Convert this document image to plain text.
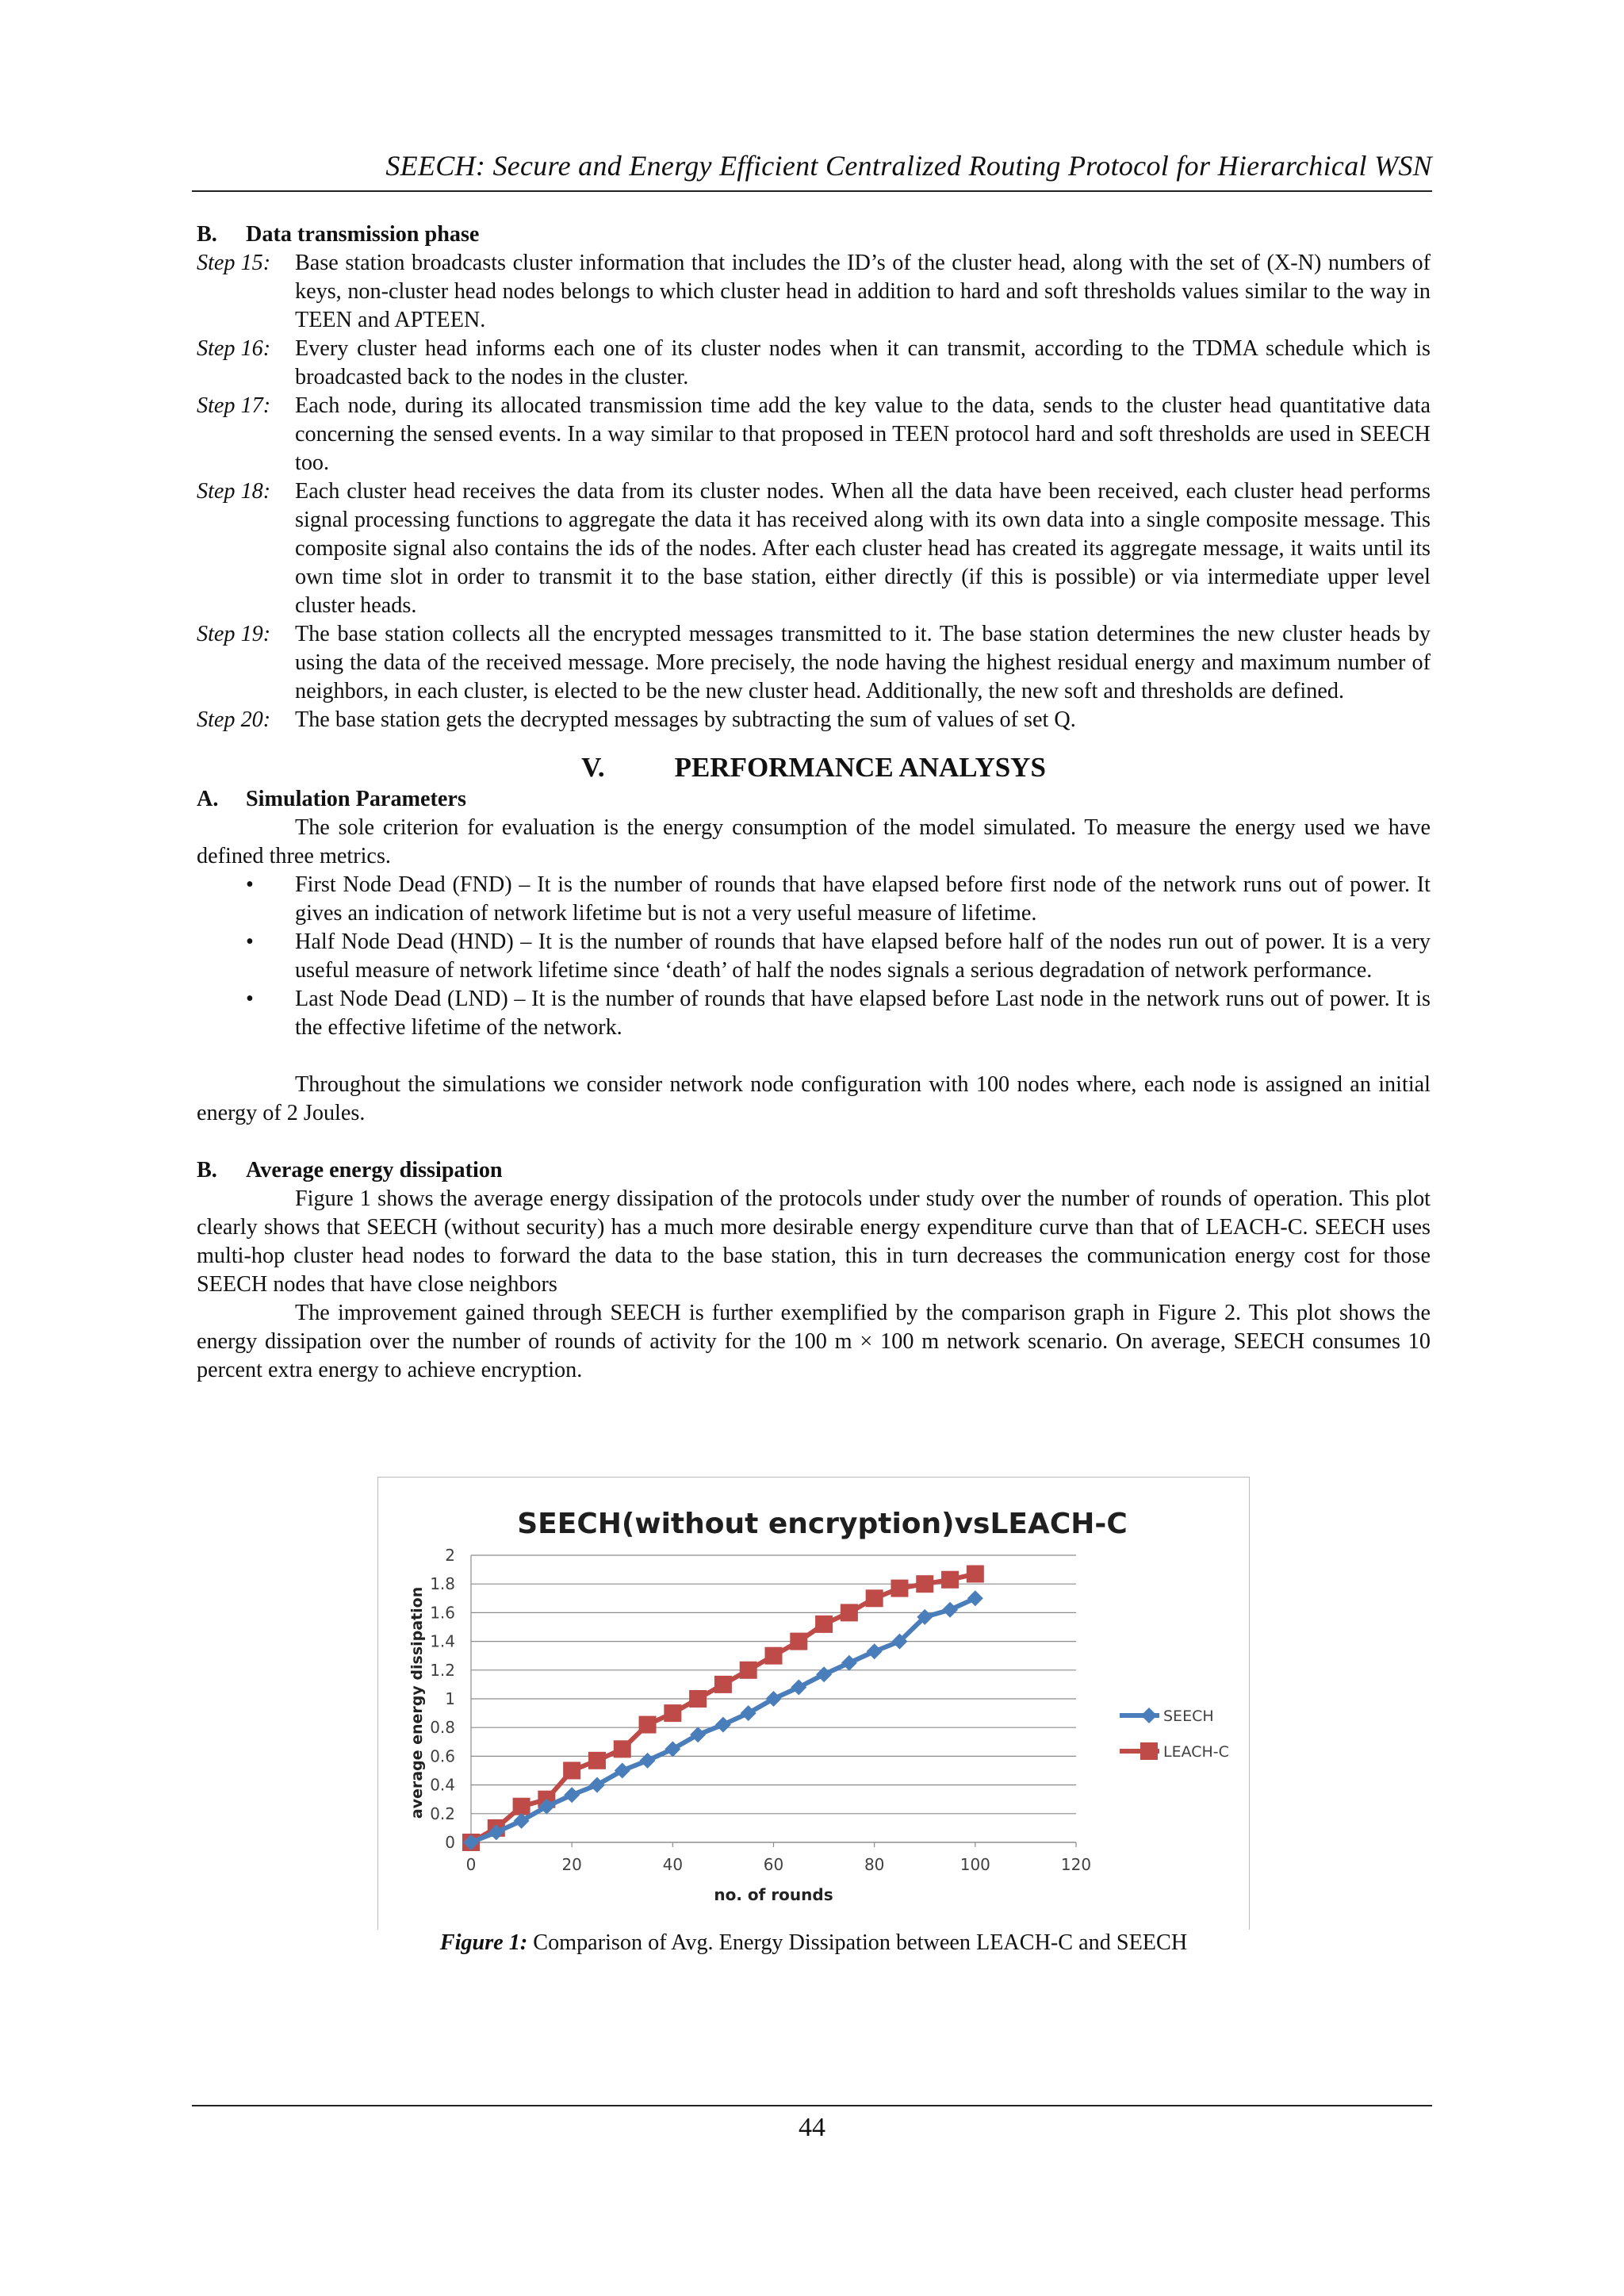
SEECH: Secure and Energy Efficient Centralized Routing Protocol for Hierarchical WSN
B. Data transmission phase
Step 15:	Base station broadcasts cluster information that includes the ID’s of the cluster head, along with the set of (X-N) numbers of keys, non-cluster head nodes belongs to which cluster head in addition to hard and soft thresholds values similar to the way in TEEN and APTEEN.
Step 16:	Every cluster head informs each one of its cluster nodes when it can transmit, according to the TDMA schedule which is broadcasted back to the nodes in the cluster.
Step 17:	Each node, during its allocated transmission time add the key value to the data, sends to the cluster head quantitative data concerning the sensed events. In a way similar to that proposed in TEEN protocol hard and soft thresholds are used in SEECH too.
Step 18:	Each cluster head receives the data from its cluster nodes. When all the data have been received, each cluster head performs signal processing functions to aggregate the data it has received along with its own data into a single composite message. This composite signal also contains the ids of the nodes. After each cluster head has created its aggregate message, it waits until its own time slot in order to transmit it to the base station, either directly (if this is possible) or via intermediate upper level cluster heads.
Step 19:	The base station collects all the encrypted messages transmitted to it. The base station determines the new cluster heads by using the data of the received message. More precisely, the node having the highest residual energy and maximum number of neighbors, in each cluster, is elected to be the new cluster head. Additionally, the new soft and thresholds are defined.
Step 20:	The base station gets the decrypted messages by subtracting the sum of values of set Q.
V.	PERFORMANCE ANALYSYS
A. Simulation Parameters

The sole criterion for evaluation is the energy consumption of the model simulated. To measure the energy used we have defined three metrics.

•	First Node Dead (FND) – It is the number of rounds that have elapsed before first node of the network runs out of power. It gives an indication of network lifetime but is not a very useful measure of lifetime.
•	Half Node Dead (HND) – It is the number of rounds that have elapsed before half of the nodes run out of power. It is a very useful measure of network lifetime since ‘death’ of half the nodes signals a serious degradation of network performance.
•	Last Node Dead (LND) – It is the number of rounds that have elapsed before Last node in the network runs out of power. It is the effective lifetime of the network.

Throughout the simulations we consider network node configuration with 100 nodes where, each node is assigned an initial energy of 2 Joules.

B. Average energy dissipation

Figure 1 shows the average energy dissipation of the protocols under study over the number of rounds of operation. This plot clearly shows that SEECH (without security) has a much more desirable energy expenditure curve than that of LEACH-C. SEECH uses multi-hop cluster head nodes to forward the data to the base station, this in turn decreases the communication energy cost for those SEECH nodes that have close neighbors

The improvement gained through SEECH is further exemplified by the comparison graph in Figure 2. This plot shows the energy dissipation over the number of rounds of activity for the 100 m × 100 m network scenario. On average, SEECH consumes 10 percent extra energy to achieve encryption.

SEECH(without encryption)vsLEACH-C
0
0.2
0.4
0.6
0.8
1
1.2
1.4
1.6
1.8
2
0	20	40	60	80	100	120
no. of rounds
average energy dissipation	SEECH
LEACH-C
Figure 1: Comparison of Avg. Energy Dissipation between LEACH-C and SEECH
44
